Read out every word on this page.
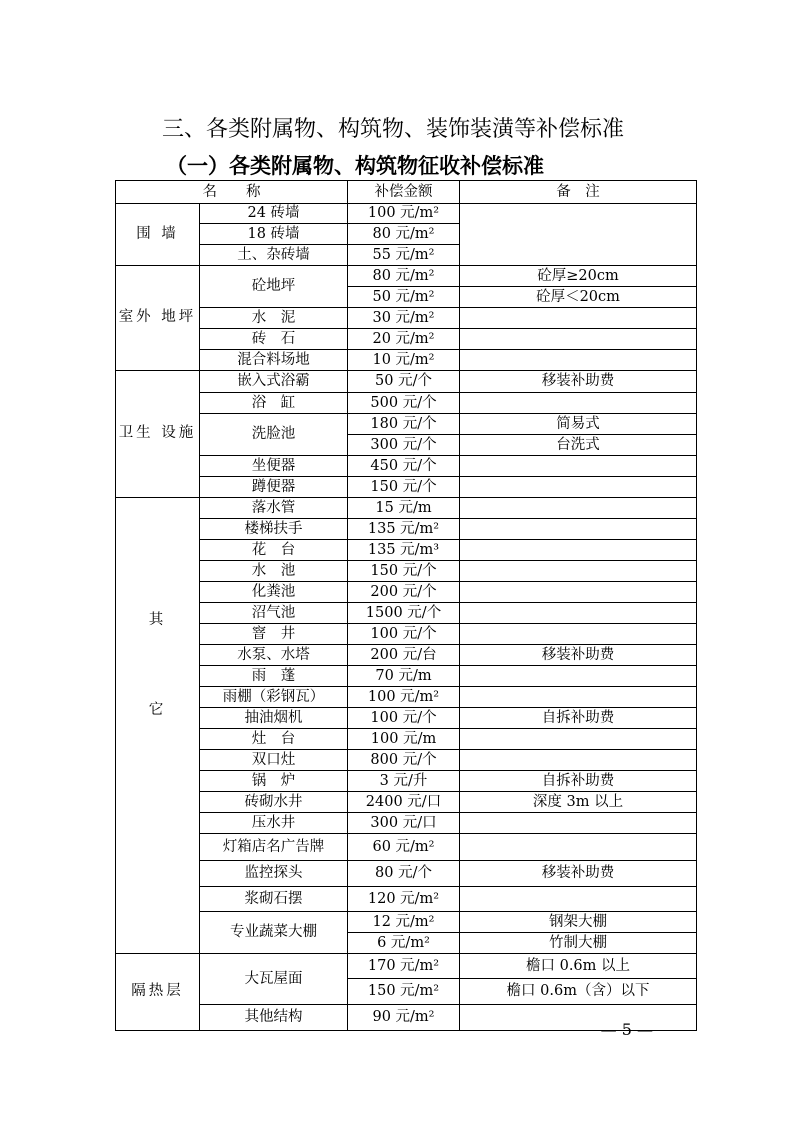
三、各类附属物、构筑物、装饰装潢等补偿标准
（一）各类附属物、构筑物征收补偿标准
名　　称		补偿金额	备　注
围 墙	24 砖墙	100 元/m²	
	18 砖墙	80 元/m²	
	土、杂砖墙	55 元/m²	
室外 地坪	砼地坪	80 元/m²	砼厚≥20cm
		50 元/m²	砼厚＜20cm
	水　泥	30 元/m²	
	砖　石	20 元/m²	
	混合料场地	10 元/m²	
卫生 设施	嵌入式浴霸	50 元/个	移装补助费
	浴　缸	500 元/个	
	洗脸池	180 元/个	简易式
		300 元/个	台洗式
	坐便器	450 元/个	
	蹲便器	150 元/个	

其
它	落水管	15 元/m	
	楼梯扶手	135 元/m²	
	花　台	135 元/m³	
	水　池	150 元/个	
	化粪池	200 元/个	
	沼气池	1500 元/个	
	窨　井	100 元/个	
	水泵、水塔	200 元/台	移装补助费
	雨　蓬	70 元/m	
	雨棚（彩钢瓦）	100 元/m²	
	抽油烟机	100 元/个	自拆补助费
	灶　台	100 元/m	
	双口灶	800 元/个	
	锅　炉	3 元/升	自拆补助费
	砖砌水井	2400 元/口	深度 3m 以上
	压水井	300 元/口	
	灯箱店名广告牌	60 元/m²	
	监控探头	80 元/个	移装补助费
	浆砌石摆	120 元/m²	
	专业蔬菜大棚	12 元/m²	钢架大棚
		6 元/m²	竹制大棚
隔热层	大瓦屋面	170 元/m²	檐口 0.6m 以上
		150 元/m²	檐口 0.6m（含）以下
	其他结构	90 元/m²	
— 5 —
